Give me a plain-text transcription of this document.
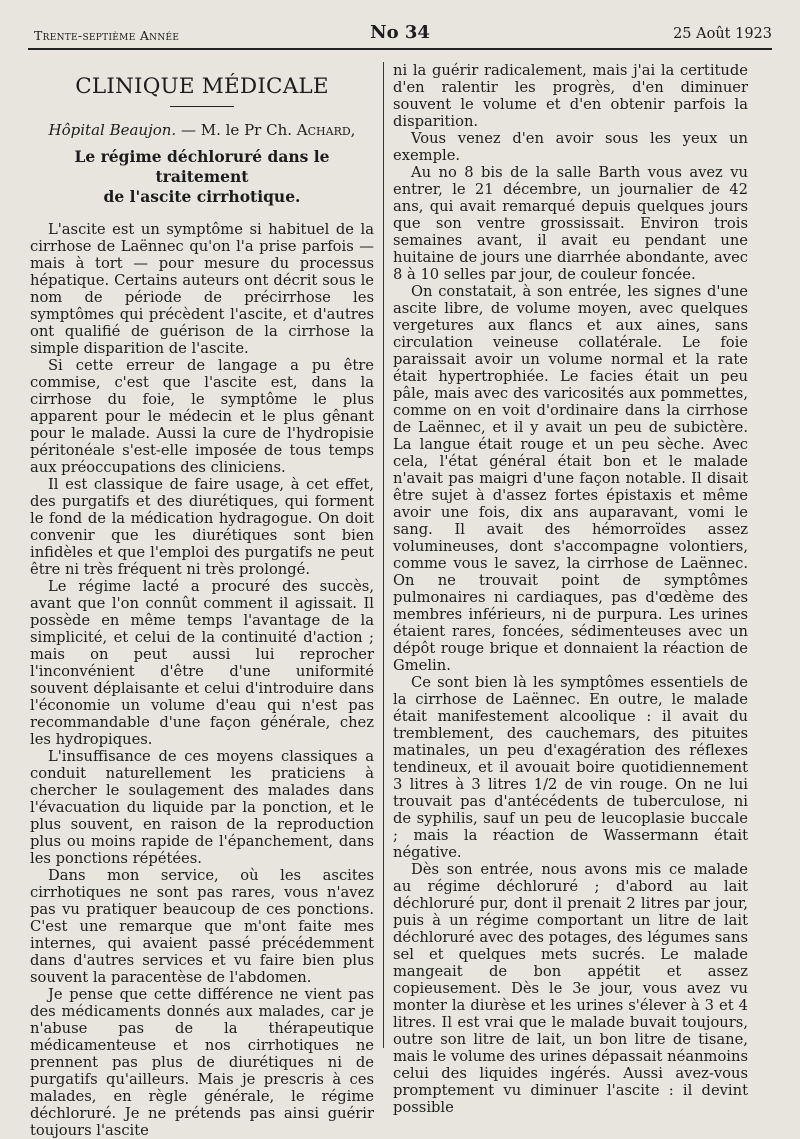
Trente-septième Année	No 34	25 Août 1923
CLINIQUE MÉDICALE
Hôpital Beaujon. — M. le Pr Ch. Achard,
Le régime déchloruré dans le traitement
de l'ascite cirrhotique.

L'ascite est un symptôme si habituel de la cirrhose de Laënnec qu'on l'a prise parfois — mais à tort — pour mesure du processus hépatique. Certains auteurs ont décrit sous le nom de période de précirrhose les symptômes qui précèdent l'ascite, et d'autres ont qualifié de guérison de la cirrhose la simple disparition de l'ascite.

Si cette erreur de langage a pu être commise, c'est que l'ascite est, dans la cirrhose du foie, le symptôme le plus apparent pour le médecin et le plus gênant pour le malade. Aussi la cure de l'hydropisie péritonéale s'est-elle imposée de tous temps aux préoccupations des cliniciens.

Il est classique de faire usage, à cet effet, des purgatifs et des diurétiques, qui forment le fond de la médication hydragogue. On doit convenir que les diurétiques sont bien infidèles et que l'emploi des purgatifs ne peut être ni très fréquent ni très prolongé.

Le régime lacté a procuré des succès, avant que l'on connût comment il agissait. Il possède en même temps l'avantage de la simplicité, et celui de la continuité d'action ; mais on peut aussi lui reprocher l'inconvénient d'être d'une uniformité souvent déplaisante et celui d'introduire dans l'économie un volume d'eau qui n'est pas recommandable d'une façon générale, chez les hydropiques.

L'insuffisance de ces moyens classiques a conduit naturellement les praticiens à chercher le soulagement des malades dans l'évacuation du liquide par la ponction, et le plus souvent, en raison de la reproduction plus ou moins rapide de l'épanchement, dans les ponctions répétées.

Dans mon service, où les ascites cirrhotiques ne sont pas rares, vous n'avez pas vu pratiquer beaucoup de ces ponctions. C'est une remarque que m'ont faite mes internes, qui avaient passé précédemment dans d'autres services et vu faire bien plus souvent la paracentèse de l'abdomen.

Je pense que cette différence ne vient pas des médicaments donnés aux malades, car je n'abuse pas de la thérapeutique médicamenteuse et nos cirrhotiques ne prennent pas plus de diurétiques ni de purgatifs qu'ailleurs. Mais je prescris à ces malades, en règle générale, le régime déchloruré. Je ne prétends pas ainsi guérir toujours l'ascite

ni la guérir radicalement, mais j'ai la certitude d'en ralentir les progrès, d'en diminuer souvent le volume et d'en obtenir parfois la disparition.

Vous venez d'en avoir sous les yeux un exemple.

Au no 8 bis de la salle Barth vous avez vu entrer, le 21 décembre, un journalier de 42 ans, qui avait remarqué depuis quelques jours que son ventre grossissait. Environ trois semaines avant, il avait eu pendant une huitaine de jours une diarrhée abondante, avec 8 à 10 selles par jour, de couleur foncée.

On constatait, à son entrée, les signes d'une ascite libre, de volume moyen, avec quelques vergetures aux flancs et aux aines, sans circulation veineuse collatérale. Le foie paraissait avoir un volume normal et la rate était hypertrophiée. Le facies était un peu pâle, mais avec des varicosités aux pommettes, comme on en voit d'ordinaire dans la cirrhose de Laënnec, et il y avait un peu de subictère. La langue était rouge et un peu sèche. Avec cela, l'état général était bon et le malade n'avait pas maigri d'une façon notable. Il disait être sujet à d'assez fortes épistaxis et même avoir une fois, dix ans auparavant, vomi le sang. Il avait des hémorroïdes assez volumineuses, dont s'accompagne volontiers, comme vous le savez, la cirrhose de Laënnec. On ne trouvait point de symptômes pulmonaires ni cardiaques, pas d'œdème des membres inférieurs, ni de purpura. Les urines étaient rares, foncées, sédimenteuses avec un dépôt rouge brique et donnaient la réaction de Gmelin.

Ce sont bien là les symptômes essentiels de la cirrhose de Laënnec. En outre, le malade était manifestement alcoolique : il avait du tremblement, des cauchemars, des pituites matinales, un peu d'exagération des réflexes tendineux, et il avouait boire quotidiennement 3 litres à 3 litres 1/2 de vin rouge. On ne lui trouvait pas d'antécédents de tuberculose, ni de syphilis, sauf un peu de leucoplasie buccale ; mais la réaction de Wassermann était négative.

Dès son entrée, nous avons mis ce malade au régime déchloruré ; d'abord au lait déchloruré pur, dont il prenait 2 litres par jour, puis à un régime comportant un litre de lait déchloruré avec des potages, des légumes sans sel et quelques mets sucrés. Le malade mangeait de bon appétit et assez copieusement. Dès le 3e jour, vous avez vu monter la diurèse et les urines s'élever à 3 et 4 litres. Il est vrai que le malade buvait toujours, outre son litre de lait, un bon litre de tisane, mais le volume des urines dépassait néanmoins celui des liquides ingérés. Aussi avez-vous promptement vu diminuer l'ascite : il devint possible
